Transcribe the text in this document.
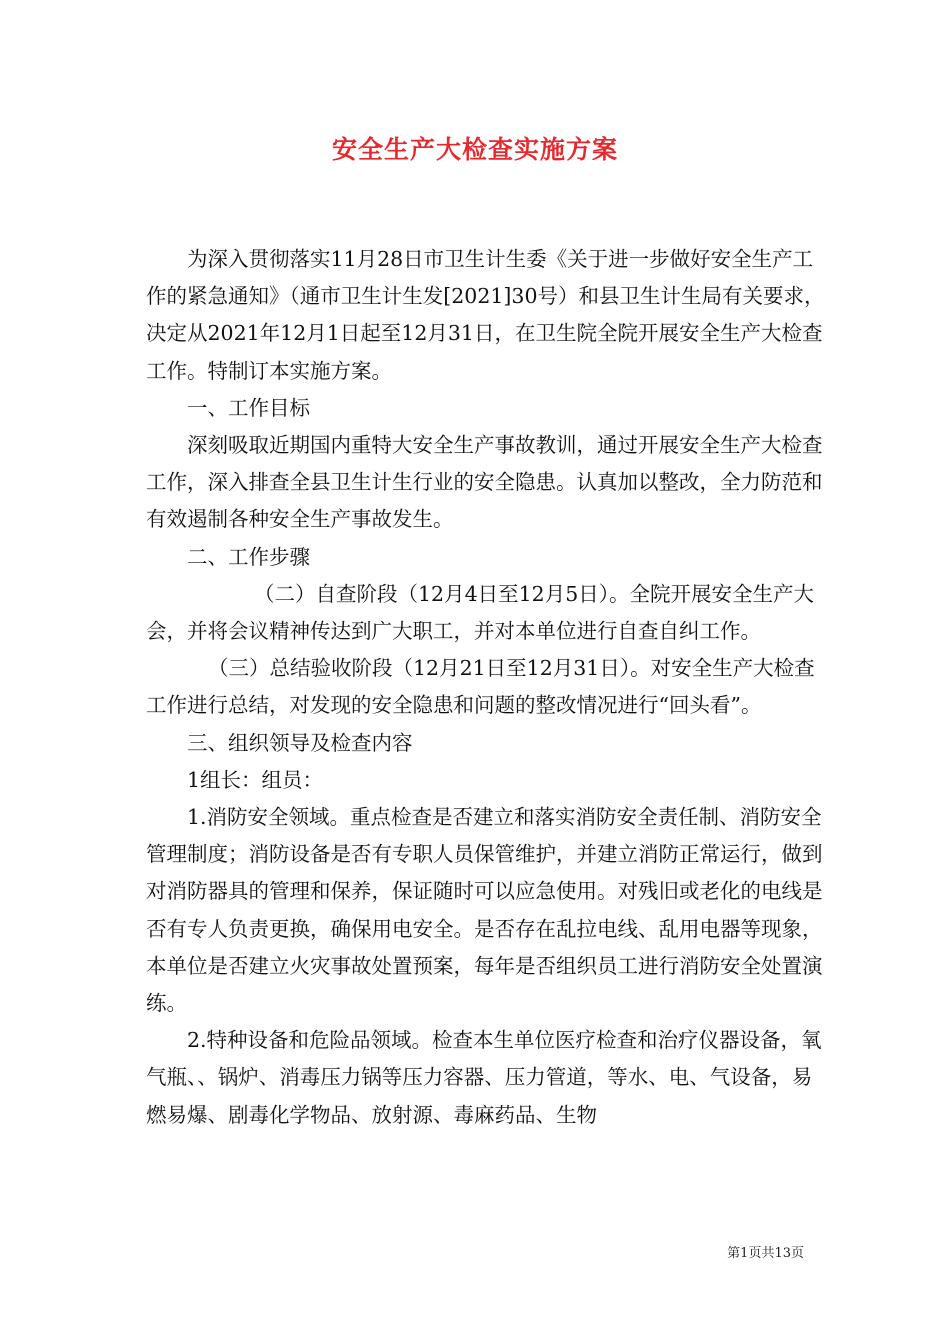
安全生产大检查实施方案

为深入贯彻落实11月28日市卫生计生委《关于进一步做好安全生产工作的紧急通知》（通市卫生计生发[2021]30号）和县卫生计生局有关要求，决定从2021年12月1日起至12月31日，在卫生院全院开展安全生产大检查工作。特制订本实施方案。

一、工作目标

深刻吸取近期国内重特大安全生产事故教训，通过开展安全生产大检查工作，深入排查全县卫生计生行业的安全隐患。认真加以整改，全力防范和有效遏制各种安全生产事故发生。

二、工作步骤

（二）自查阶段（12月4日至12月5日）。全院开展安全生产大会，并将会议精神传达到广大职工，并对本单位进行自查自纠工作。

（三）总结验收阶段（12月21日至12月31日）。对安全生产大检查工作进行总结，对发现的安全隐患和问题的整改情况进行“回头看”。

三、组织领导及检查内容

1组长：组员：

1.消防安全领域。重点检查是否建立和落实消防安全责任制、消防安全管理制度；消防设备是否有专职人员保管维护，并建立消防正常运行，做到对消防器具的管理和保养，保证随时可以应急使用。对残旧或老化的电线是否有专人负责更换，确保用电安全。是否存在乱拉电线、乱用电器等现象，本单位是否建立火灾事故处置预案，每年是否组织员工进行消防安全处置演练。

2.特种设备和危险品领域。检查本生单位医疗检查和治疗仪器设备，氧气瓶、、锅炉、消毒压力锅等压力容器、压力管道，等水、电、气设备，易燃易爆、剧毒化学物品、放射源、毒麻药品、生物

第1页共13页
